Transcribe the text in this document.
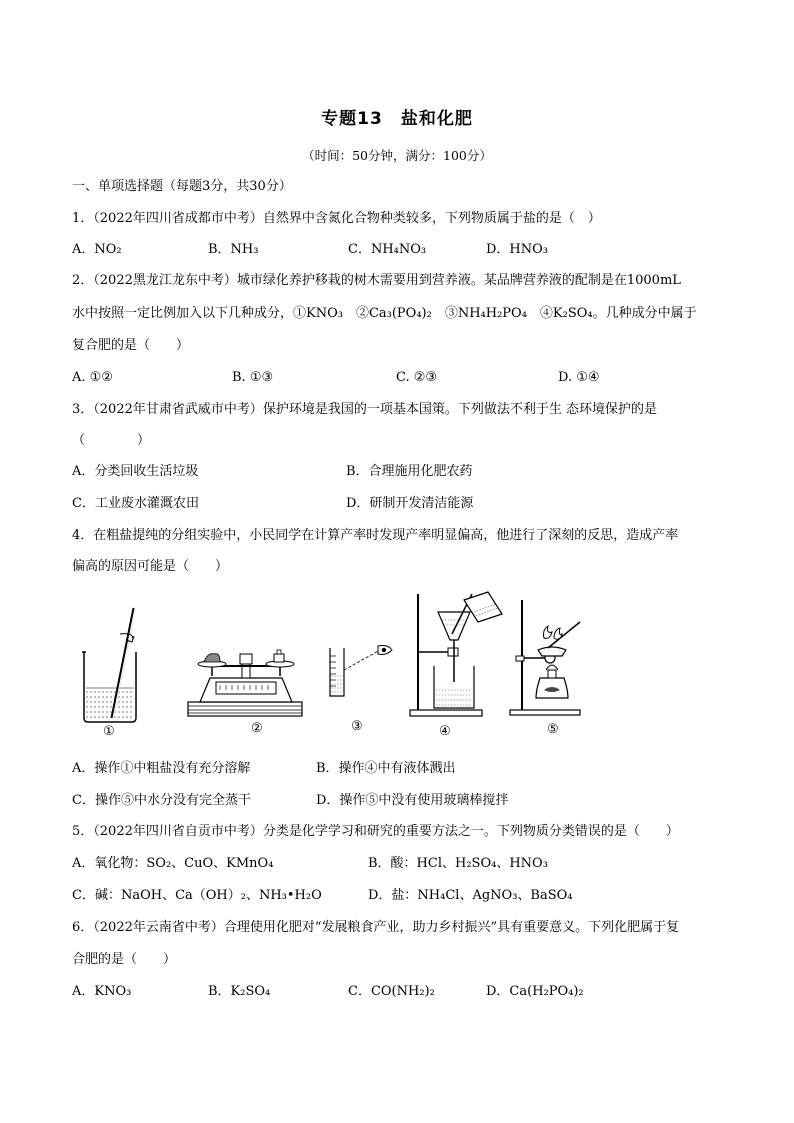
专题13　盐和化肥
（时间：50分钟，满分：100分）
一、单项选择题（每题3分，共30分）
1．（2022年四川省成都市中考）自然界中含氮化合物种类较多，下列物质属于盐的是（　）
A．NO₂	B．NH₃	C．NH₄NO₃	D．HNO₃
2．（2022黑龙江龙东中考）城市绿化养护移栽的树木需要用到营养液。某品牌营养液的配制是在1000mL
水中按照一定比例加入以下几种成分，①KNO₃　②Ca₃(PO₄)₂　③NH₄H₂PO₄　④K₂SO₄。几种成分中属于
复合肥的是（　　）
A. ①②	B. ①③	C. ②③	D. ①④
3．（2022年甘肃省武威市中考）保护环境是我国的一项基本国策。下列做法不利于生 态环境保护的是
（　　　　）
A．分类回收生活垃圾	B．合理施用化肥农药
C．工业废水灌溉农田	D．研制开发清洁能源
4．在粗盐提纯的分组实验中，小民同学在计算产率时发现产率明显偏高，他进行了深刻的反思，造成产率
偏高的原因可能是（　　）
①	②	③	④	⑤
A．操作①中粗盐没有充分溶解	B．操作④中有液体溅出
C．操作⑤中水分没有完全蒸干	D．操作⑤中没有使用玻璃棒搅拌
5．（2022年四川省自贡市中考）分类是化学学习和研究的重要方法之一。下列物质分类错误的是（　　）
A．氧化物：SO₂、CuO、KMnO₄	B．酸：HCl、H₂SO₄、HNO₃
C．碱：NaOH、Ca（OH）₂、NH₃•H₂O	D．盐：NH₄Cl、AgNO₃、BaSO₄
6．（2022年云南省中考）合理使用化肥对“发展粮食产业，助力乡村振兴”具有重要意义。下列化肥属于复
合肥的是（　　）
A．KNO₃	B．K₂SO₄	C．CO(NH₂)₂	D．Ca(H₂PO₄)₂
